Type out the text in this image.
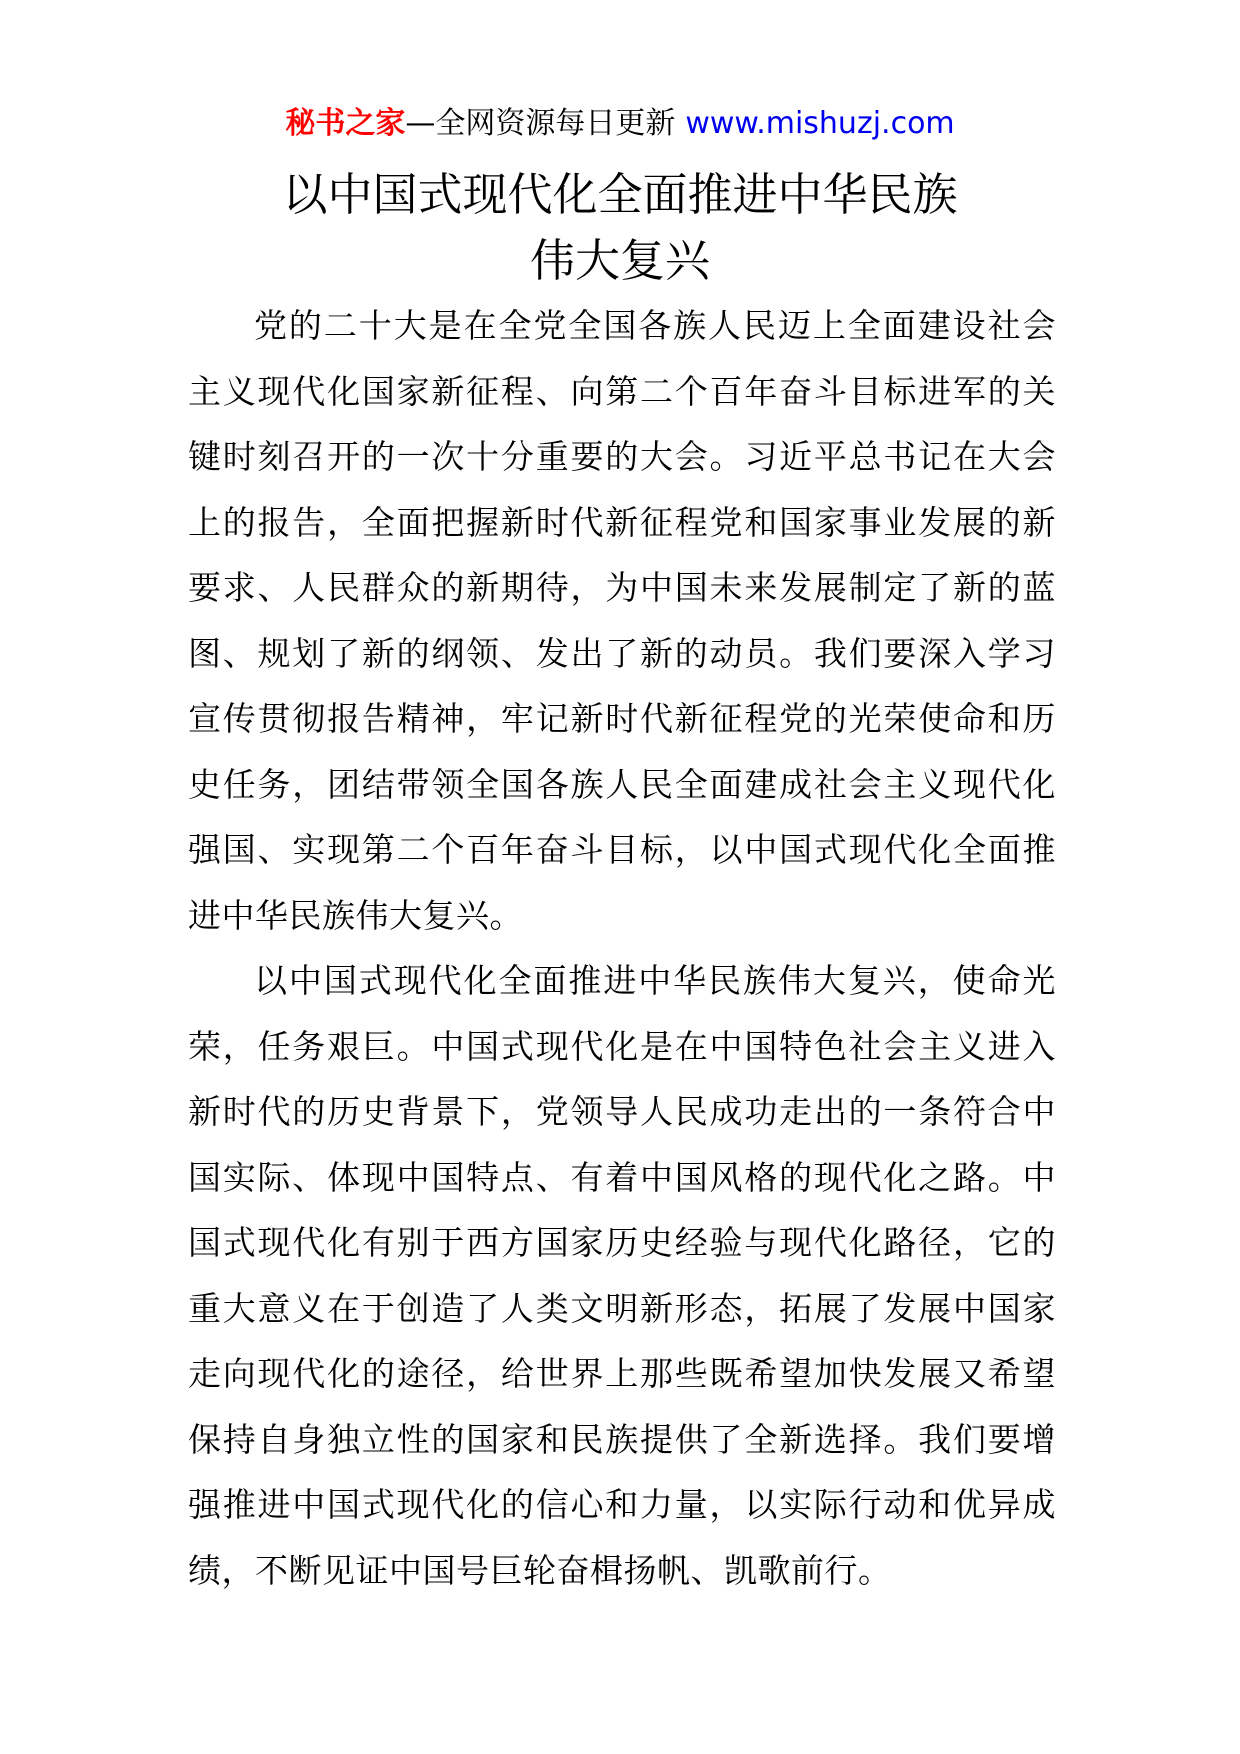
秘书之家—全网资源每日更新 www.mishuzj.com
以中国式现代化全面推进中华民族
伟大复兴

党的二十大是在全党全国各族人民迈上全面建设社会主义现代化国家新征程、向第二个百年奋斗目标进军的关键时刻召开的一次十分重要的大会。习近平总书记在大会上的报告，全面把握新时代新征程党和国家事业发展的新要求、人民群众的新期待，为中国未来发展制定了新的蓝图、规划了新的纲领、发出了新的动员。我们要深入学习宣传贯彻报告精神，牢记新时代新征程党的光荣使命和历史任务，团结带领全国各族人民全面建成社会主义现代化强国、实现第二个百年奋斗目标，以中国式现代化全面推进中华民族伟大复兴。

以中国式现代化全面推进中华民族伟大复兴，使命光荣，任务艰巨。中国式现代化是在中国特色社会主义进入新时代的历史背景下，党领导人民成功走出的一条符合中国实际、体现中国特点、有着中国风格的现代化之路。中国式现代化有别于西方国家历史经验与现代化路径，它的重大意义在于创造了人类文明新形态，拓展了发展中国家走向现代化的途径，给世界上那些既希望加快发展又希望保持自身独立性的国家和民族提供了全新选择。我们要增强推进中国式现代化的信心和力量，以实际行动和优异成绩，不断见证中国号巨轮奋楫扬帆、凯歌前行。
